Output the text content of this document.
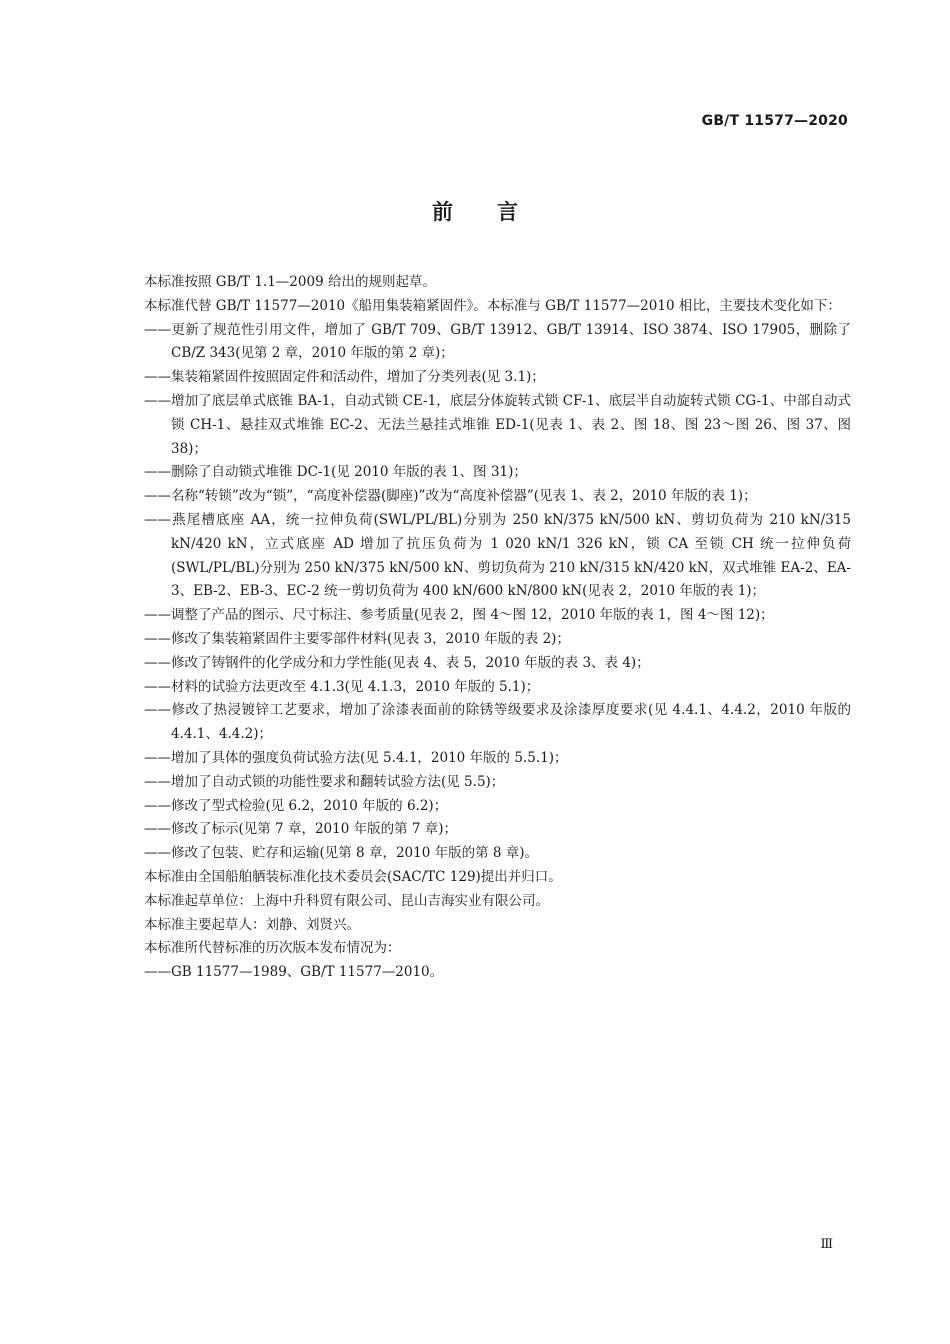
GB/T 11577—2020
前言

本标准按照 GB/T 1.1—2009 给出的规则起草。

本标准代替 GB/T 11577—2010《船用集装箱紧固件》。本标准与 GB/T 11577—2010 相比，主要技术变化如下：

——更新了规范性引用文件，增加了 GB/T 709、GB/T 13912、GB/T 13914、ISO 3874、ISO 17905，删除了 CB/Z 343(见第 2 章，2010 年版的第 2 章)；

——集装箱紧固件按照固定件和活动件，增加了分类列表(见 3.1)；

——增加了底层单式底锥 BA-1，自动式锁 CE-1，底层分体旋转式锁 CF-1、底层半自动旋转式锁 CG-1、中部自动式锁 CH-1、悬挂双式堆锥 EC-2、无法兰悬挂式堆锥 ED-1(见表 1、表 2、图 18、图 23～图 26、图 37、图 38)；

——删除了自动锁式堆锥 DC-1(见 2010 年版的表 1、图 31)；

——名称“转锁”改为“锁”，“高度补偿器(脚座)”改为“高度补偿器”(见表 1、表 2，2010 年版的表 1)；

——燕尾槽底座 AA，统一拉伸负荷(SWL/PL/BL)分别为 250 kN/375 kN/500 kN、剪切负荷为 210 kN/315 kN/420 kN，立式底座 AD 增加了抗压负荷为 1 020 kN/1 326 kN，锁 CA 至锁 CH 统一拉伸负荷(SWL/PL/BL)分别为 250 kN/375 kN/500 kN、剪切负荷为 210 kN/315 kN/420 kN，双式堆锥 EA-2、EA-3、EB-2、EB-3、EC-2 统一剪切负荷为 400 kN/600 kN/800 kN(见表 2，2010 年版的表 1)；

——调整了产品的图示、尺寸标注、参考质量(见表 2，图 4～图 12，2010 年版的表 1，图 4～图 12)；

——修改了集装箱紧固件主要零部件材料(见表 3，2010 年版的表 2)；

——修改了铸钢件的化学成分和力学性能(见表 4、表 5，2010 年版的表 3、表 4)；

——材料的试验方法更改至 4.1.3(见 4.1.3，2010 年版的 5.1)；

——修改了热浸镀锌工艺要求，增加了涂漆表面前的除锈等级要求及涂漆厚度要求(见 4.4.1、4.4.2，2010 年版的 4.4.1、4.4.2)；

——增加了具体的强度负荷试验方法(见 5.4.1，2010 年版的 5.5.1)；

——增加了自动式锁的功能性要求和翻转试验方法(见 5.5)；

——修改了型式检验(见 6.2，2010 年版的 6.2)；

——修改了标示(见第 7 章，2010 年版的第 7 章)；

——修改了包装、贮存和运输(见第 8 章，2010 年版的第 8 章)。

本标准由全国船舶舾装标准化技术委员会(SAC/TC 129)提出并归口。

本标准起草单位：上海中升科贸有限公司、昆山吉海实业有限公司。

本标准主要起草人：刘静、刘贤兴。

本标准所代替标准的历次版本发布情况为：

——GB 11577—1989、GB/T 11577—2010。

Ⅲ
